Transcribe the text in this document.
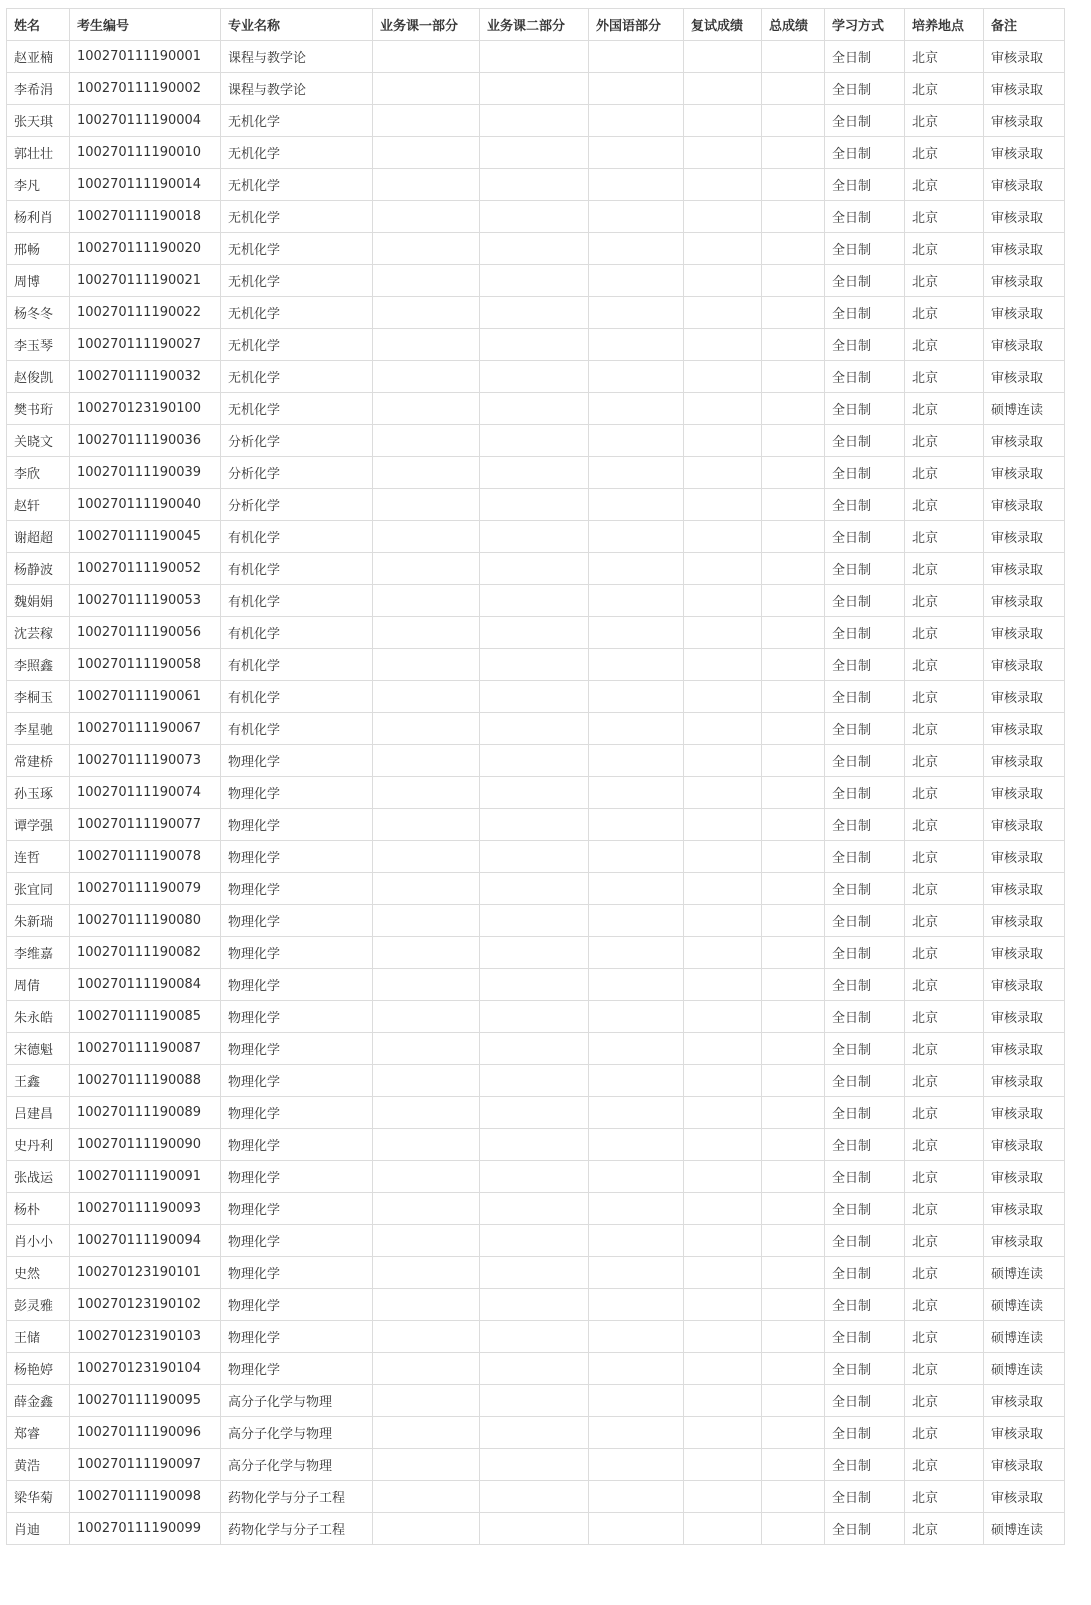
姓名	考生编号	专业名称	业务课一部分	业务课二部分	外国语部分	复试成绩	总成绩	学习方式	培养地点	备注
赵亚楠	100270111190001	课程与教学论						全日制	北京	审核录取
李希涓	100270111190002	课程与教学论						全日制	北京	审核录取
张天琪	100270111190004	无机化学						全日制	北京	审核录取
郭壮壮	100270111190010	无机化学						全日制	北京	审核录取
李凡	100270111190014	无机化学						全日制	北京	审核录取
杨利肖	100270111190018	无机化学						全日制	北京	审核录取
邢畅	100270111190020	无机化学						全日制	北京	审核录取
周博	100270111190021	无机化学						全日制	北京	审核录取
杨冬冬	100270111190022	无机化学						全日制	北京	审核录取
李玉琴	100270111190027	无机化学						全日制	北京	审核录取
赵俊凯	100270111190032	无机化学						全日制	北京	审核录取
樊书珩	100270123190100	无机化学						全日制	北京	硕博连读
关晓文	100270111190036	分析化学						全日制	北京	审核录取
李欣	100270111190039	分析化学						全日制	北京	审核录取
赵轩	100270111190040	分析化学						全日制	北京	审核录取
谢超超	100270111190045	有机化学						全日制	北京	审核录取
杨静波	100270111190052	有机化学						全日制	北京	审核录取
魏娟娟	100270111190053	有机化学						全日制	北京	审核录取
沈芸稼	100270111190056	有机化学						全日制	北京	审核录取
李照鑫	100270111190058	有机化学						全日制	北京	审核录取
李桐玉	100270111190061	有机化学						全日制	北京	审核录取
李星驰	100270111190067	有机化学						全日制	北京	审核录取
常建桥	100270111190073	物理化学						全日制	北京	审核录取
孙玉琢	100270111190074	物理化学						全日制	北京	审核录取
谭学强	100270111190077	物理化学						全日制	北京	审核录取
连哲	100270111190078	物理化学						全日制	北京	审核录取
张宜同	100270111190079	物理化学						全日制	北京	审核录取
朱新瑞	100270111190080	物理化学						全日制	北京	审核录取
李维嘉	100270111190082	物理化学						全日制	北京	审核录取
周倩	100270111190084	物理化学						全日制	北京	审核录取
朱永皓	100270111190085	物理化学						全日制	北京	审核录取
宋德魁	100270111190087	物理化学						全日制	北京	审核录取
王鑫	100270111190088	物理化学						全日制	北京	审核录取
吕建昌	100270111190089	物理化学						全日制	北京	审核录取
史丹利	100270111190090	物理化学						全日制	北京	审核录取
张战运	100270111190091	物理化学						全日制	北京	审核录取
杨朴	100270111190093	物理化学						全日制	北京	审核录取
肖小小	100270111190094	物理化学						全日制	北京	审核录取
史然	100270123190101	物理化学						全日制	北京	硕博连读
彭灵雅	100270123190102	物理化学						全日制	北京	硕博连读
王储	100270123190103	物理化学						全日制	北京	硕博连读
杨艳婷	100270123190104	物理化学						全日制	北京	硕博连读
薛金鑫	100270111190095	高分子化学与物理						全日制	北京	审核录取
郑睿	100270111190096	高分子化学与物理						全日制	北京	审核录取
黄浩	100270111190097	高分子化学与物理						全日制	北京	审核录取
梁华菊	100270111190098	药物化学与分子工程						全日制	北京	审核录取
肖迪	100270111190099	药物化学与分子工程						全日制	北京	硕博连读
